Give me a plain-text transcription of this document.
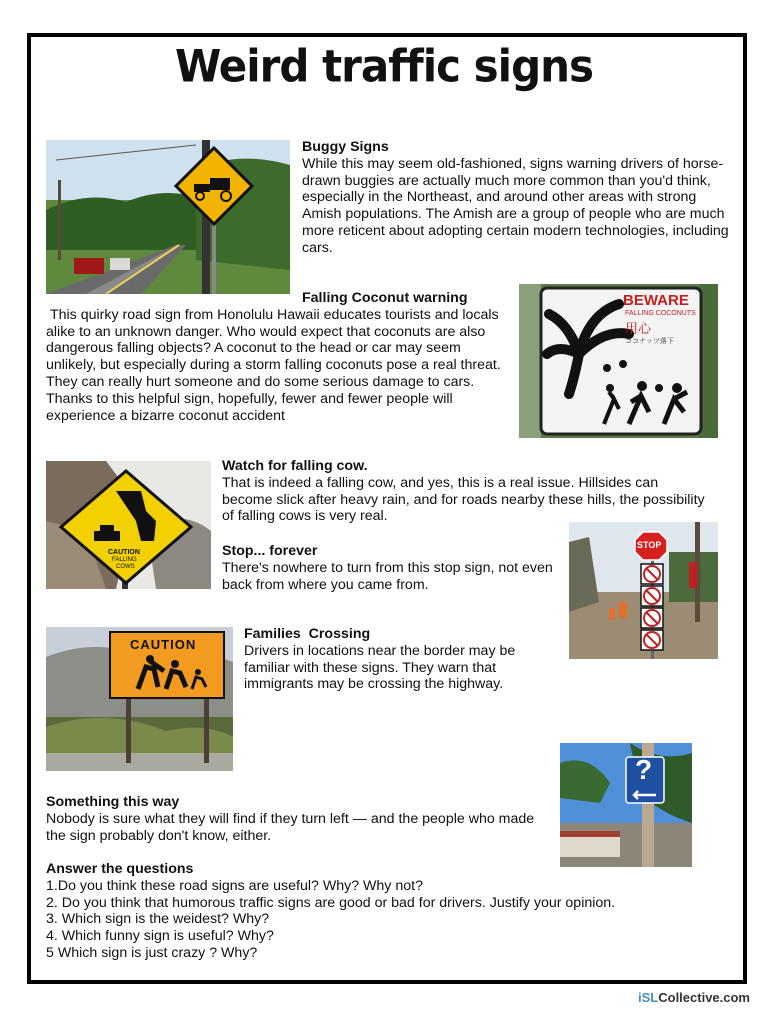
Weird traffic signs
Buggy Signs
While this may seem old-fashioned, signs warning drivers of horse-drawn buggies are actually much more common than you'd think, especially in the Northeast, and around other areas with strong Amish populations. The Amish are a group of people who are much more reticent about adopting certain modern technologies, including cars.
Falling Coconut warning
This quirky road sign from Honolulu Hawaii educates tourists and locals alike to an unknown danger. Who would expect that coconuts are also dangerous falling objects? A coconut to the head or car may seem unlikely, but especially during a storm falling coconuts pose a real threat. They can really hurt someone and do some serious damage to cars. Thanks to this helpful sign, hopefully, fewer and fewer people will experience a bizarre coconut accident
BEWARE
FALLING COCONUTS
用心
ココナッツ落下
CAUTION
FALLING
COWS
Watch for falling cow.
That is indeed a falling cow, and yes, this is a real issue. Hillsides can become slick after heavy rain, and for roads nearby these hills, the possibility of falling cows is very real.
Stop... forever
There's nowhere to turn from this stop sign, not even back from where you came from.
STOP
CAUTION
Families  Crossing
Drivers in locations near the border may be familiar with these signs. They warn that immigrants may be crossing the highway.
?
Something this way
Nobody is sure what they will find if they turn left — and the people who made the sign probably don't know, either.
Answer the questions
1.Do you think these road signs are useful? Why? Why not?
2. Do you think that humorous traffic signs are good or bad for drivers. Justify your opinion.
3. Which sign is the weidest? Why?
4. Which funny sign is useful? Why?
5 Which sign is just crazy ? Why?
iSLCollective.com
